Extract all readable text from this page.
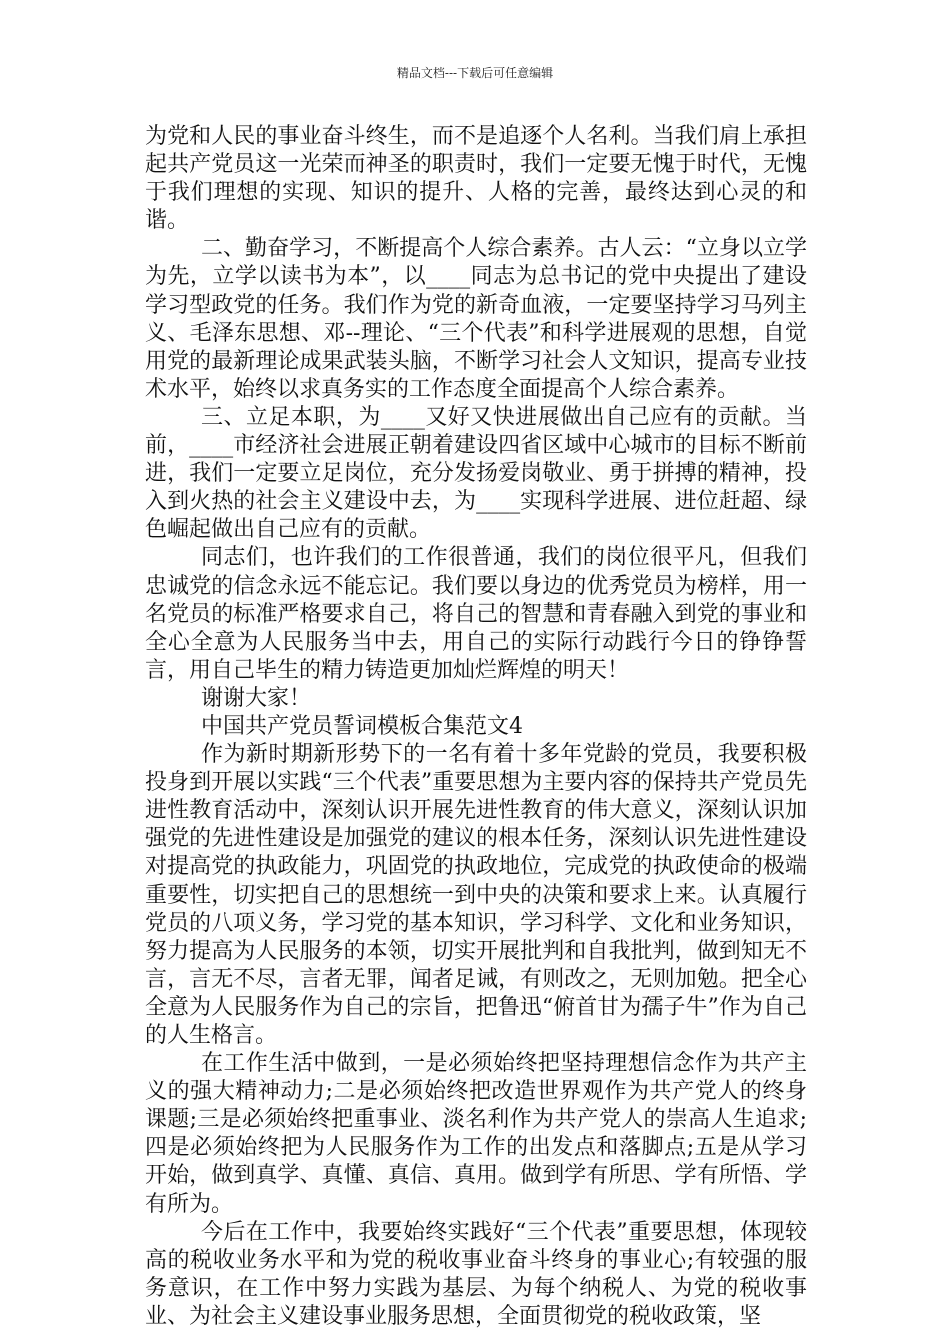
精品文档---下载后可任意编辑

为党和人民的事业奋斗终生，而不是追逐个人名利。当我们肩上承担起共产党员这一光荣而神圣的职责时，我们一定要无愧于时代，无愧于我们理想的实现、知识的提升、人格的完善，最终达到心灵的和谐。

二、勤奋学习，不断提高个人综合素养。古人云：“立身以立学为先，立学以读书为本”，以____同志为总书记的党中央提出了建设学习型政党的任务。我们作为党的新奇血液，一定要坚持学习马列主义、毛泽东思想、邓--理论、“三个代表”和科学进展观的思想，自觉用党的最新理论成果武装头脑，不断学习社会人文知识，提高专业技术水平，始终以求真务实的工作态度全面提高个人综合素养。

三、立足本职，为____又好又快进展做出自己应有的贡献。当前，____市经济社会进展正朝着建设四省区域中心城市的目标不断前进，我们一定要立足岗位，充分发扬爱岗敬业、勇于拼搏的精神，投入到火热的社会主义建设中去，为____实现科学进展、进位赶超、绿色崛起做出自己应有的贡献。

同志们，也许我们的工作很普通，我们的岗位很平凡，但我们忠诚党的信念永远不能忘记。我们要以身边的优秀党员为榜样，用一名党员的标准严格要求自己，将自己的智慧和青春融入到党的事业和全心全意为人民服务当中去，用自己的实际行动践行今日的铮铮誓言，用自己毕生的精力铸造更加灿烂辉煌的明天！

谢谢大家！

中国共产党员誓词模板合集范文4

作为新时期新形势下的一名有着十多年党龄的党员，我要积极投身到开展以实践“三个代表”重要思想为主要内容的保持共产党员先进性教育活动中，深刻认识开展先进性教育的伟大意义，深刻认识加强党的先进性建设是加强党的建议的根本任务，深刻认识先进性建设对提高党的执政能力，巩固党的执政地位，完成党的执政使命的极端重要性，切实把自己的思想统一到中央的决策和要求上来。认真履行党员的八项义务，学习党的基本知识，学习科学、文化和业务知识，努力提高为人民服务的本领，切实开展批判和自我批判，做到知无不言，言无不尽，言者无罪，闻者足诫，有则改之，无则加勉。把全心全意为人民服务作为自己的宗旨，把鲁迅“俯首甘为孺子牛”作为自己的人生格言。

在工作生活中做到，一是必须始终把坚持理想信念作为共产主义的强大精神动力;二是必须始终把改造世界观作为共产党人的终身课题;三是必须始终把重事业、淡名利作为共产党人的崇高人生追求;四是必须始终把为人民服务作为工作的出发点和落脚点;五是从学习开始，做到真学、真懂、真信、真用。做到学有所思、学有所悟、学有所为。

今后在工作中，我要始终实践好“三个代表”重要思想，体现较高的税收业务水平和为党的税收事业奋斗终身的事业心;有较强的服务意识，在工作中努力实践为基层、为每个纳税人、为党的税收事业、为社会主义建设事业服务思想，全面贯彻党的税收政策，坚
